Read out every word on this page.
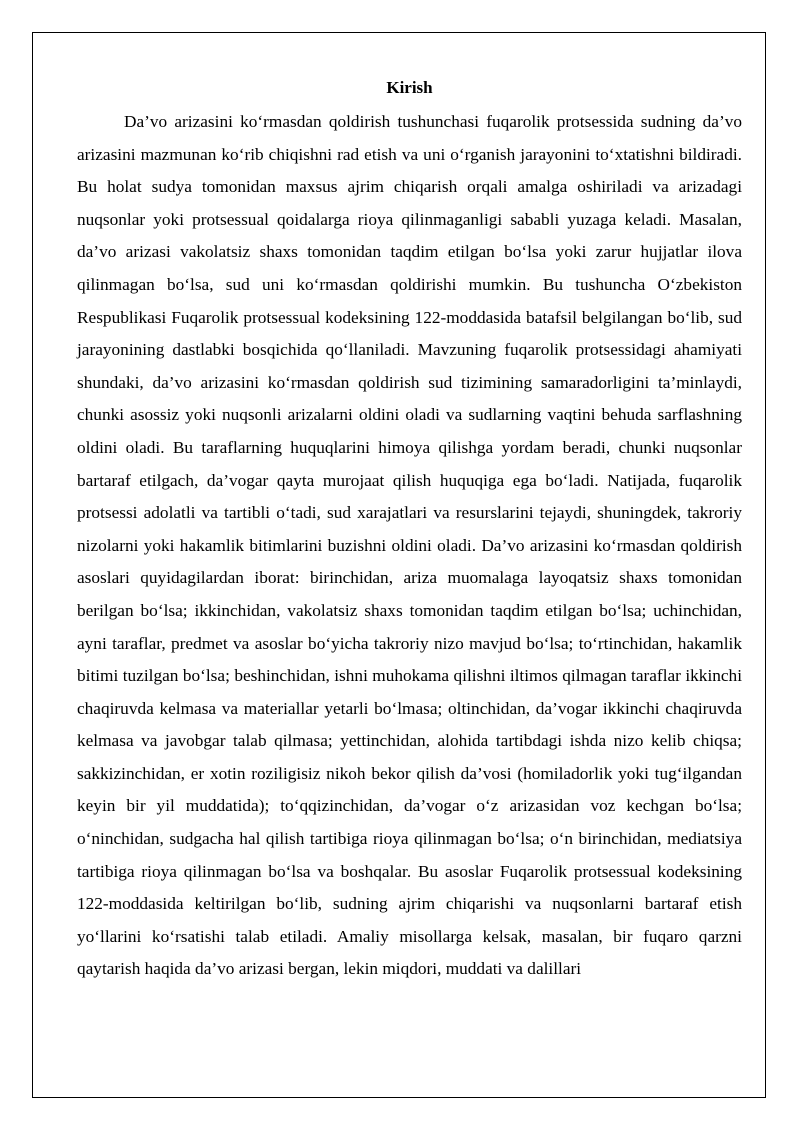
Kirish

Da’vo arizasini ko‘rmasdan qoldirish tushunchasi fuqarolik protsessida sudning da’vo arizasini mazmunan ko‘rib chiqishni rad etish va uni o‘rganish jarayonini to‘xtatishni bildiradi. Bu holat sudya tomonidan maxsus ajrim chiqarish orqali amalga oshiriladi va arizadagi nuqsonlar yoki protsessual qoidalarga rioya qilinmaganligi sababli yuzaga keladi. Masalan, da’vo arizasi vakolatsiz shaxs tomonidan taqdim etilgan bo‘lsa yoki zarur hujjatlar ilova qilinmagan bo‘lsa, sud uni ko‘rmasdan qoldirishi mumkin. Bu tushuncha O‘zbekiston Respublikasi Fuqarolik protsessual kodeksining 122-moddasida batafsil belgilangan bo‘lib, sud jarayonining dastlabki bosqichida qo‘llaniladi. Mavzuning fuqarolik protsessidagi ahamiyati shundaki, da’vo arizasini ko‘rmasdan qoldirish sud tizimining samaradorligini ta’minlaydi, chunki asossiz yoki nuqsonli arizalarni oldini oladi va sudlarning vaqtini behuda sarflashning oldini oladi. Bu taraflarning huquqlarini himoya qilishga yordam beradi, chunki nuqsonlar bartaraf etilgach, da’vogar qayta murojaat qilish huquqiga ega bo‘ladi. Natijada, fuqarolik protsessi adolatli va tartibli o‘tadi, sud xarajatlari va resurslarini tejaydi, shuningdek, takroriy nizolarni yoki hakamlik bitimlarini buzishni oldini oladi. Da’vo arizasini ko‘rmasdan qoldirish asoslari quyidagilardan iborat: birinchidan, ariza muomalaga layoqatsiz shaxs tomonidan berilgan bo‘lsa; ikkinchidan, vakolatsiz shaxs tomonidan taqdim etilgan bo‘lsa; uchinchidan, ayni taraflar, predmet va asoslar bo‘yicha takroriy nizo mavjud bo‘lsa; to‘rtinchidan, hakamlik bitimi tuzilgan bo‘lsa; beshinchidan, ishni muhokama qilishni iltimos qilmagan taraflar ikkinchi chaqiruvda kelmasa va materiallar yetarli bo‘lmasa; oltinchidan, da’vogar ikkinchi chaqiruvda kelmasa va javobgar talab qilmasa; yettinchidan, alohida tartibdagi ishda nizo kelib chiqsa; sakkizinchidan, er xotin roziligisiz nikoh bekor qilish da’vosi (homiladorlik yoki tug‘ilgandan keyin bir yil muddatida); to‘qqizinchidan, da’vogar o‘z arizasidan voz kechgan bo‘lsa; o‘ninchidan, sudgacha hal qilish tartibiga rioya qilinmagan bo‘lsa; o‘n birinchidan, mediatsiya tartibiga rioya qilinmagan bo‘lsa va boshqalar. Bu asoslar Fuqarolik protsessual kodeksining 122-moddasida keltirilgan bo‘lib, sudning ajrim chiqarishi va nuqsonlarni bartaraf etish yo‘llarini ko‘rsatishi talab etiladi. Amaliy misollarga kelsak, masalan, bir fuqaro qarzni qaytarish haqida da’vo arizasi bergan, lekin miqdori, muddati va dalillari
